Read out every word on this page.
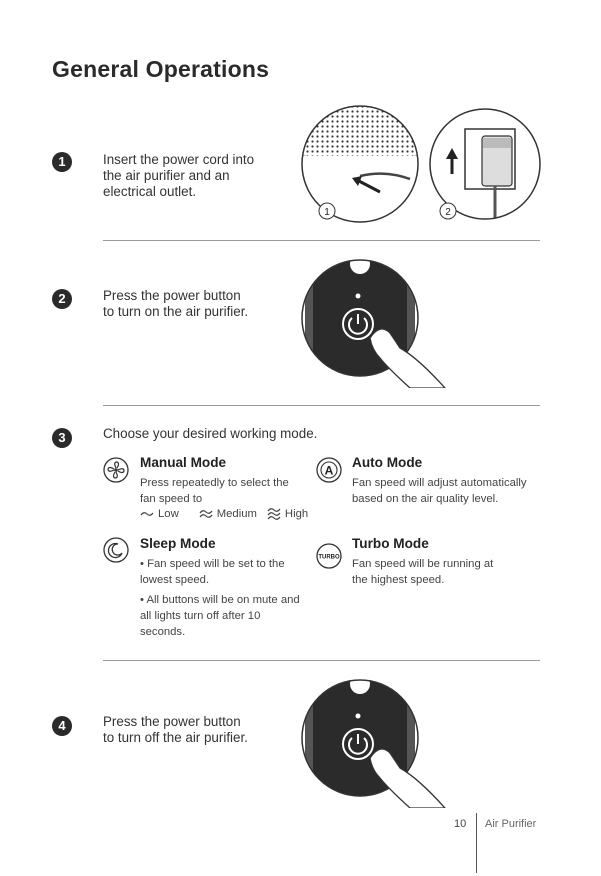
General Operations
1	Insert the power cord into
the air purifier and an
electrical outlet.
1	2
2	Press the power button
to turn on the air purifier.
3	Choose your desired working mode.
Manual Mode
Press repeatedly to select the
fan speed to
Low	Medium High
A
Auto Mode
Fan speed will adjust automatically
based on the air quality level.
Sleep Mode
• Fan speed will be set to the
lowest speed.
• All buttons will be on mute and
all lights turn off after 10
seconds.
TURBO
Turbo Mode
Fan speed will be running at
the highest speed.
4	Press the power button
to turn off the air purifier.
10 Air Purifier
